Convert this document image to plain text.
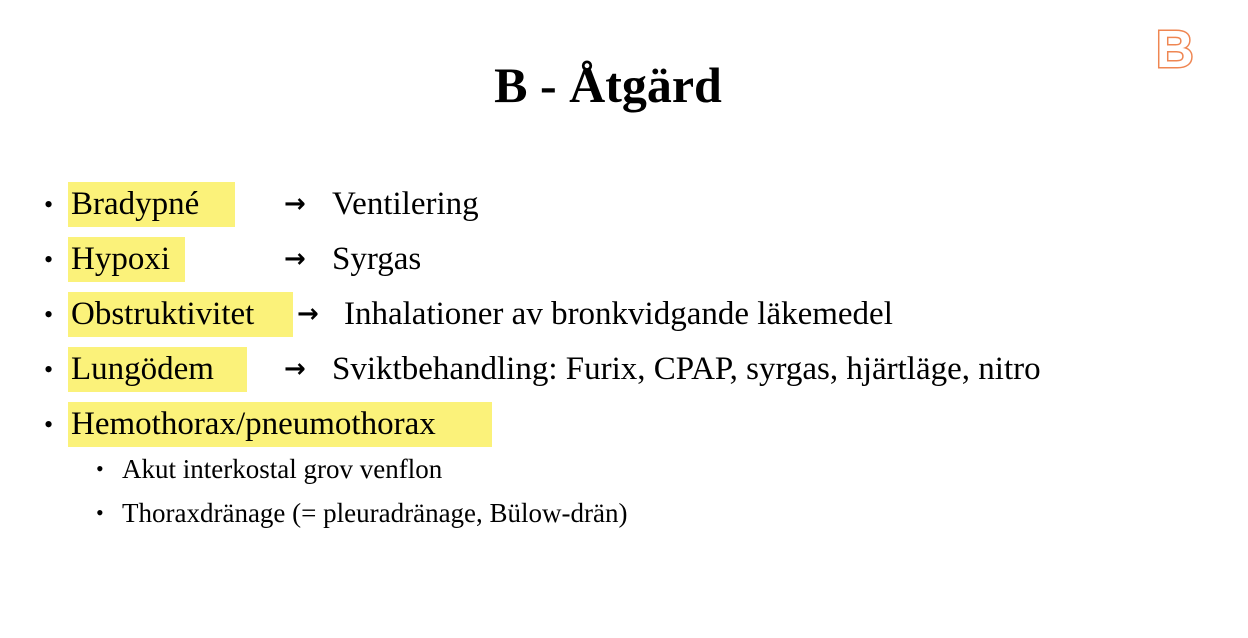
B
B - Åtgärd
• Bradypné	→ Ventilering
• Hypoxi	→ Syrgas
• Obstruktivitet	→ Inhalationer av bronkvidgande läkemedel
• Lungödem	→ Sviktbehandling: Furix, CPAP, syrgas, hjärtläge, nitro
• Hemothorax/pneumothorax
• Akut interkostal grov venflon
• Thoraxdränage (= pleuradränage, Bülow-drän)
